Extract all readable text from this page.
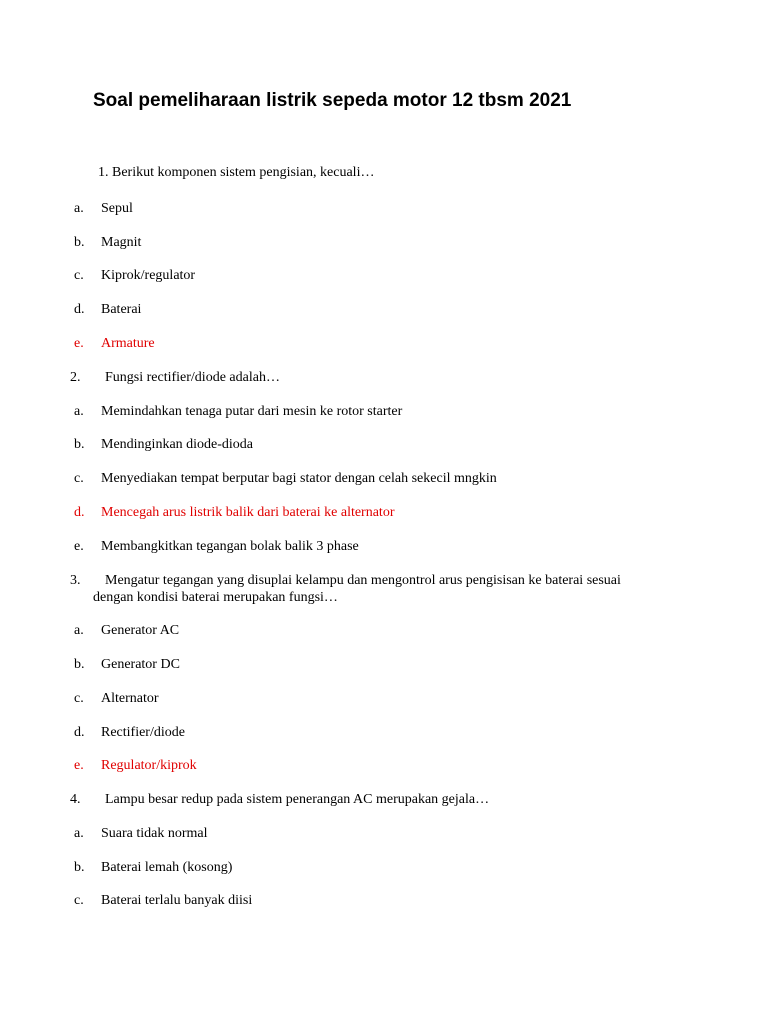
Soal pemeliharaan listrik sepeda motor 12 tbsm 2021
1. Berikut komponen sistem pengisian, kecuali…
a.	Sepul
b.	Magnit
c.	Kiprok/regulator
d.	Baterai
e.	Armature
2. Fungsi rectifier/diode adalah…
a.	Memindahkan tenaga putar dari mesin ke rotor starter
b.	Mendinginkan diode-dioda
c.	Menyediakan tempat berputar bagi stator dengan celah sekecil mngkin
d.	Mencegah arus listrik balik dari baterai ke alternator
e.	Membangkitkan tegangan bolak balik 3 phase
3. Mengatur tegangan yang disuplai kelampu dan mengontrol arus pengisisan ke baterai sesuai
dengan kondisi baterai merupakan fungsi…
a.	Generator AC
b.	Generator DC
c.	Alternator
d.	Rectifier/diode
e.	Regulator/kiprok
4. Lampu besar redup pada sistem penerangan AC merupakan gejala…
a.	Suara tidak normal
b.	Baterai lemah (kosong)
c.	Baterai terlalu banyak diisi
